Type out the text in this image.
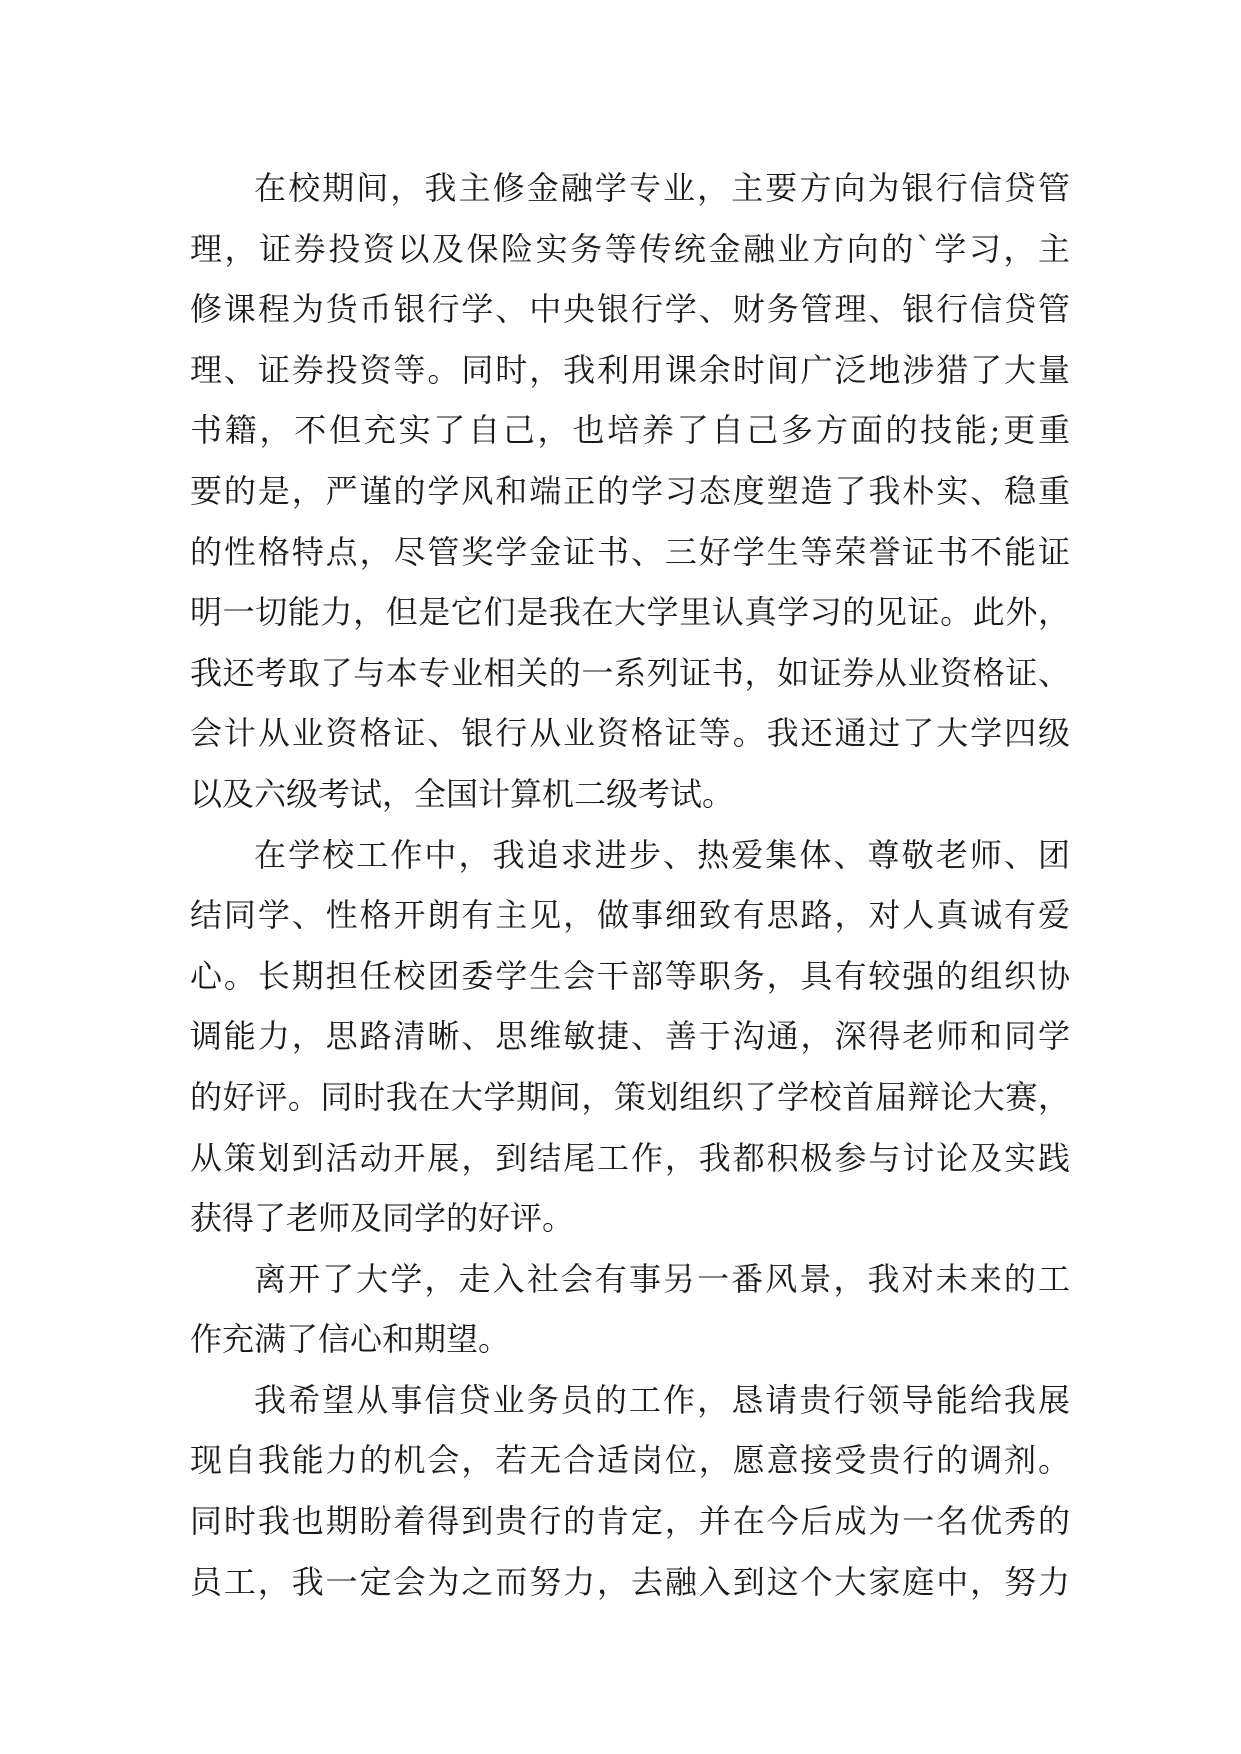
在校期间，我主修金融学专业，主要方向为银行信贷管
理，证券投资以及保险实务等传统金融业方向的`学习，主
修课程为货币银行学、中央银行学、财务管理、银行信贷管
理、证券投资等。同时，我利用课余时间广泛地涉猎了大量
书籍，不但充实了自己，也培养了自己多方面的技能;更重
要的是，严谨的学风和端正的学习态度塑造了我朴实、稳重
的性格特点，尽管奖学金证书、三好学生等荣誉证书不能证
明一切能力，但是它们是我在大学里认真学习的见证。此外，
我还考取了与本专业相关的一系列证书，如证券从业资格证、
会计从业资格证、银行从业资格证等。我还通过了大学四级
以及六级考试，全国计算机二级考试。
在学校工作中，我追求进步、热爱集体、尊敬老师、团
结同学、性格开朗有主见，做事细致有思路，对人真诚有爱
心。长期担任校团委学生会干部等职务，具有较强的组织协
调能力，思路清晰、思维敏捷、善于沟通，深得老师和同学
的好评。同时我在大学期间，策划组织了学校首届辩论大赛，
从策划到活动开展，到结尾工作，我都积极参与讨论及实践
获得了老师及同学的好评。
离开了大学，走入社会有事另一番风景，我对未来的工
作充满了信心和期望。
我希望从事信贷业务员的工作，恳请贵行领导能给我展
现自我能力的机会，若无合适岗位，愿意接受贵行的调剂。
同时我也期盼着得到贵行的肯定，并在今后成为一名优秀的
员工，我一定会为之而努力，去融入到这个大家庭中，努力
